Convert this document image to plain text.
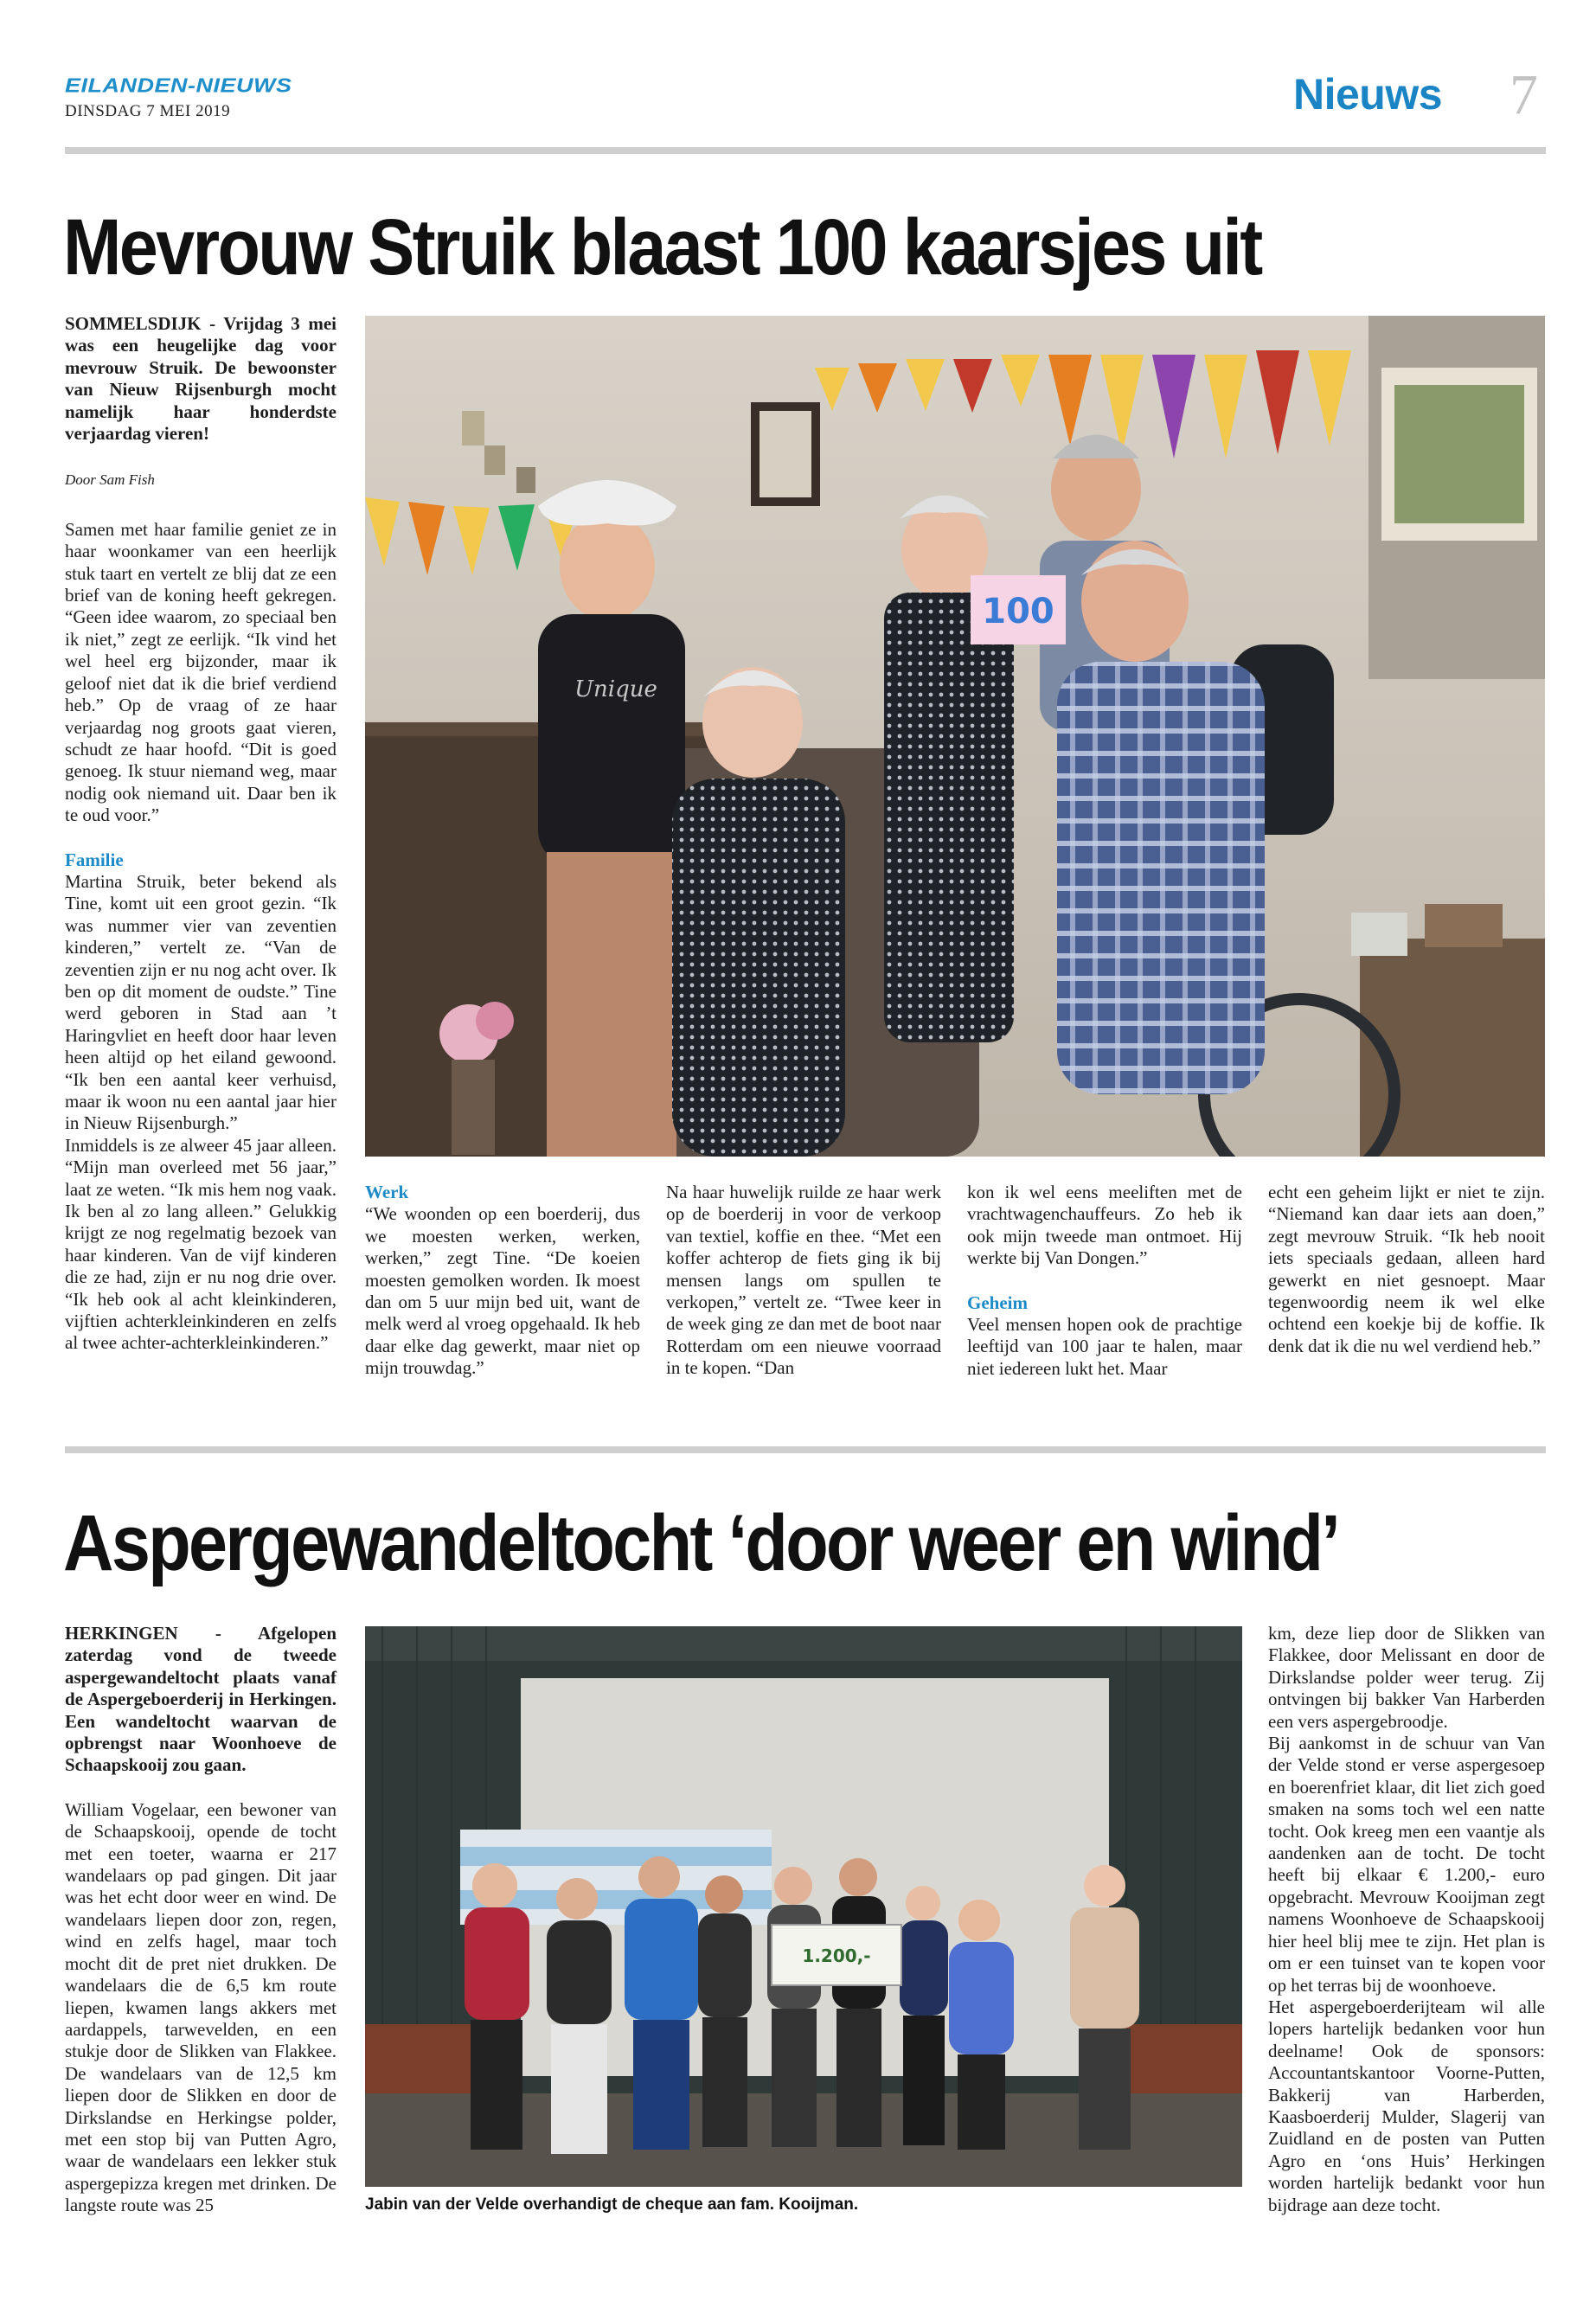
EILANDEN-NIEUWS
DINSDAG 7 MEI 2019	Nieuws 7
Mevrouw Struik blaast 100 kaarsjes uit

SOMMELSDIJK - Vrijdag 3 mei was een heugelijke dag voor mevrouw Struik. De bewoonster van Nieuw Rijsenburgh mocht namelijk haar honderdste verjaardag vieren!

Door Sam Fish

Samen met haar familie geniet ze in haar woonkamer van een heerlijk stuk taart en vertelt ze blij dat ze een brief van de koning heeft gekregen. “Geen idee waarom, zo speciaal ben ik niet,” zegt ze eerlijk. “Ik vind het wel heel erg bijzonder, maar ik geloof niet dat ik die brief verdiend heb.” Op de vraag of ze haar verjaardag nog groots gaat vieren, schudt ze haar hoofd. “Dit is goed genoeg. Ik stuur niemand weg, maar nodig ook niemand uit. Daar ben ik te oud voor.”

Familie

Martina Struik, beter bekend als Tine, komt uit een groot gezin. “Ik was nummer vier van zeventien kinderen,” vertelt ze. “Van de zeventien zijn er nu nog acht over. Ik ben op dit moment de oudste.” Tine werd geboren in Stad aan ’t Haringvliet en heeft door haar leven heen altijd op het eiland gewoond. “Ik ben een aantal keer verhuisd, maar ik woon nu een aantal jaar hier in Nieuw Rijsenburgh.”

Inmiddels is ze alweer 45 jaar alleen. “Mijn man overleed met 56 jaar,” laat ze weten. “Ik mis hem nog vaak. Ik ben al zo lang alleen.” Gelukkig krijgt ze nog regelmatig bezoek van haar kinderen. Van de vijf kinderen die ze had, zijn er nu nog drie over. “Ik heb ook al acht kleinkinderen, vijftien achterkleinkinderen en zelfs al twee achter-achterkleinkinderen.”

Unique
100

Werk

“We woonden op een boerderij, dus we moesten werken, werken, werken,” zegt Tine. “De koeien moesten gemolken worden. Ik moest dan om 5 uur mijn bed uit, want de melk werd al vroeg opgehaald. Ik heb daar elke dag gewerkt, maar niet op mijn trouwdag.”

Na haar huwelijk ruilde ze haar werk op de boerderij in voor de verkoop van textiel, koffie en thee. “Met een koffer achterop de fiets ging ik bij mensen langs om spullen te verkopen,” vertelt ze. “Twee keer in de week ging ze dan met de boot naar Rotterdam om een nieuwe voorraad in te kopen. “Dan

kon ik wel eens meeliften met de vrachtwagenchauffeurs. Zo heb ik ook mijn tweede man ontmoet. Hij werkte bij Van Dongen.”

Geheim

Veel mensen hopen ook de prachtige leeftijd van 100 jaar te halen, maar niet iedereen lukt het. Maar

echt een geheim lijkt er niet te zijn. “Niemand kan daar iets aan doen,” zegt mevrouw Struik. “Ik heb nooit iets speciaals gedaan, alleen hard gewerkt en niet gesnoept. Maar tegenwoordig neem ik wel elke ochtend een koekje bij de koffie. Ik denk dat ik die nu wel verdiend heb.”

Aspergewandeltocht ‘door weer en wind’

HERKINGEN - Afgelopen zaterdag vond de tweede aspergewandeltocht plaats vanaf de Aspergeboerderij in Herkingen. Een wandeltocht waarvan de opbrengst naar Woonhoeve de Schaapskooij zou gaan.

William Vogelaar, een bewoner van de Schaapskooij, opende de tocht met een toeter, waarna er 217 wandelaars op pad gingen. Dit jaar was het echt door weer en wind. De wandelaars liepen door zon, regen, wind en zelfs hagel, maar toch mocht dit de pret niet drukken. De wandelaars die de 6,5 km route liepen, kwamen langs akkers met aardappels, tarwevelden, en een stukje door de Slikken van Flakkee. De wandelaars van de 12,5 km liepen door de Slikken en door de Dirkslandse en Herkingse polder, met een stop bij van Putten Agro, waar de wandelaars een lekker stuk aspergepizza kregen met drinken. De langste route was 25

1.200,-
Jabin van der Velde overhandigt de cheque aan fam. Kooijman.

km, deze liep door de Slikken van Flakkee, door Melissant en door de Dirkslandse polder weer terug. Zij ontvingen bij bakker Van Harberden een vers aspergebroodje.

Bij aankomst in de schuur van Van der Velde stond er verse aspergesoep en boerenfriet klaar, dit liet zich goed smaken na soms toch wel een natte tocht. Ook kreeg men een vaantje als aandenken aan de tocht. De tocht heeft bij elkaar € 1.200,- euro opgebracht. Mevrouw Kooijman zegt namens Woonhoeve de Schaapskooij hier heel blij mee te zijn. Het plan is om er een tuinset van te kopen voor op het terras bij de woonhoeve.

Het aspergeboerderijteam wil alle lopers hartelijk bedanken voor hun deelname! Ook de sponsors: Accountantskantoor Voorne-Putten, Bakkerij van Harberden, Kaasboerderij Mulder, Slagerij van Zuidland en de posten van Putten Agro en ‘ons Huis’ Herkingen worden hartelijk bedankt voor hun bijdrage aan deze tocht.
